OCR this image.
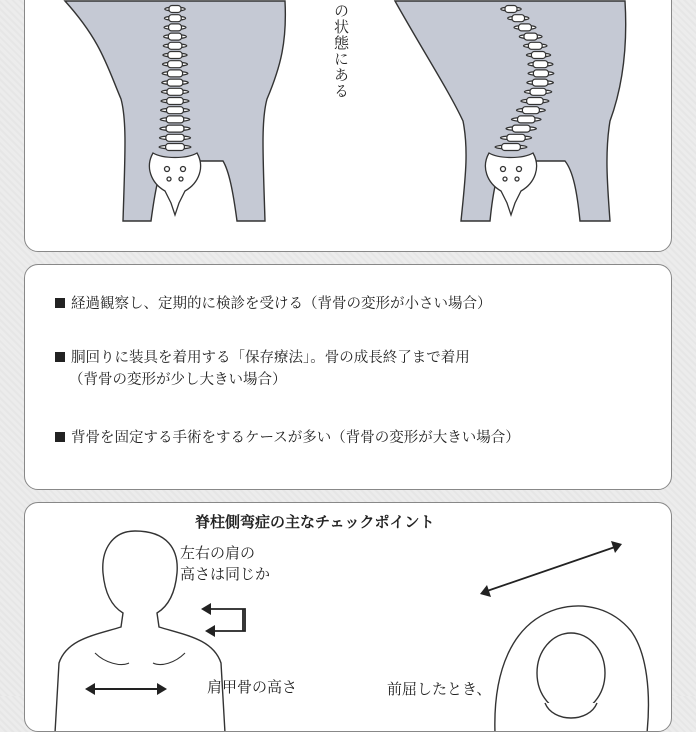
の状態にある
経過観察し、定期的に検診を受ける（背骨の変形が小さい場合）
胴回りに装具を着用する「保存療法」。骨の成長終了まで着用
（背骨の変形が少し大きい場合）
背骨を固定する手術をするケースが多い（背骨の変形が大きい場合）
脊柱側弯症の主なチェックポイント
左右の肩の
高さは同じか
肩甲骨の高さ	前屈したとき、
